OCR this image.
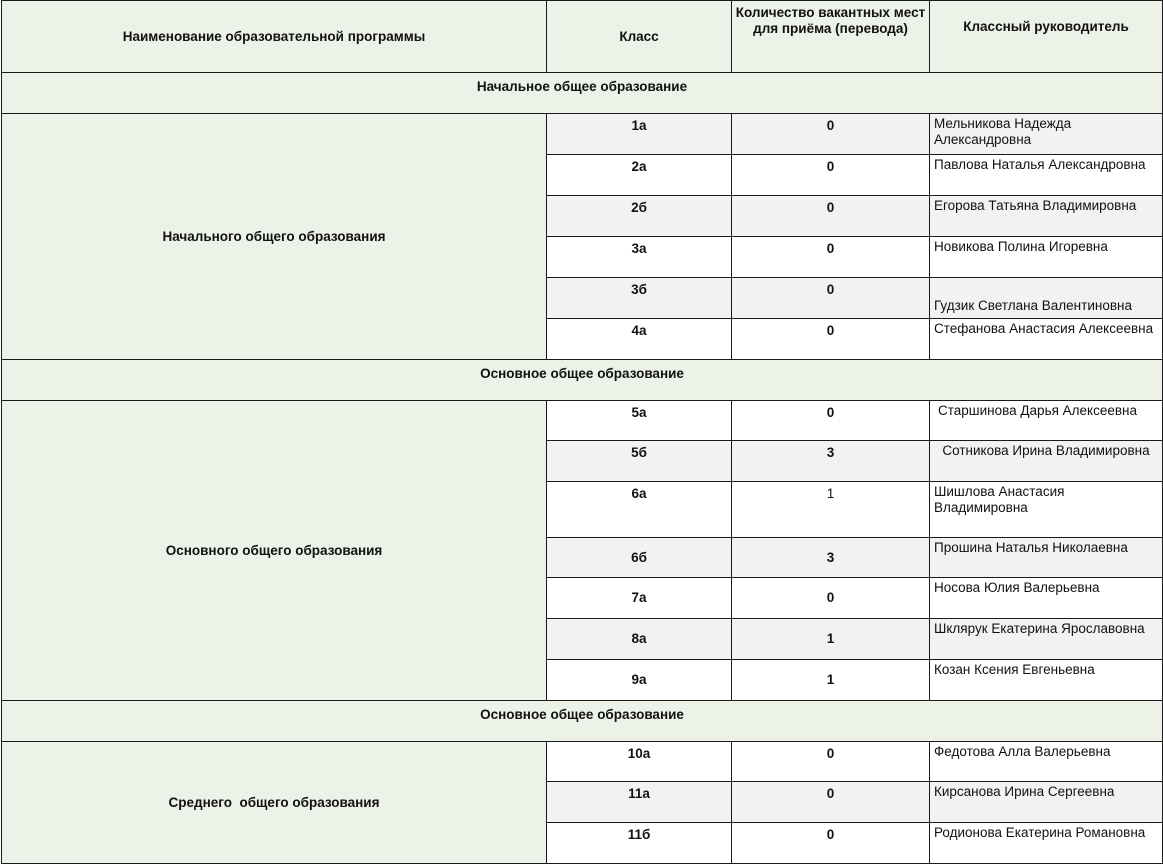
Наименование образовательной программы	Класс	Количество вакантных мест для приёма (перевода)	Классный руководитель
Начальное общее образование			
Начального общего образования	1а	0	Мельникова Надежда Александровна
	2а	0	Павлова Наталья Александровна
	2б	0	Егорова Татьяна Владимировна
	3а	0	Новикова Полина Игоревна
	3б	0	Гудзик Светлана Валентиновна
	4а	0	Стефанова Анастасия Алексеевна
Основное общее образование			
Основного общего образования	5а	0	Старшинова Дарья Алексеевна
	5б	3	Сотникова Ирина Владимировна
	6а	1	Шишлова Анастасия Владимировна
	6б	3	Прошина Наталья Николаевна
	7а	0	Носова Юлия Валерьевна
	8а	1	Шклярук Екатерина Ярославовна
	9а	1	Козан Ксения Евгеньевна
Основное общее образование			
Среднего  общего образования	10а	0	Федотова Алла Валерьевна
	11а	0	Кирсанова Ирина Сергеевна
	11б	0	Родионова Екатерина Романовна
